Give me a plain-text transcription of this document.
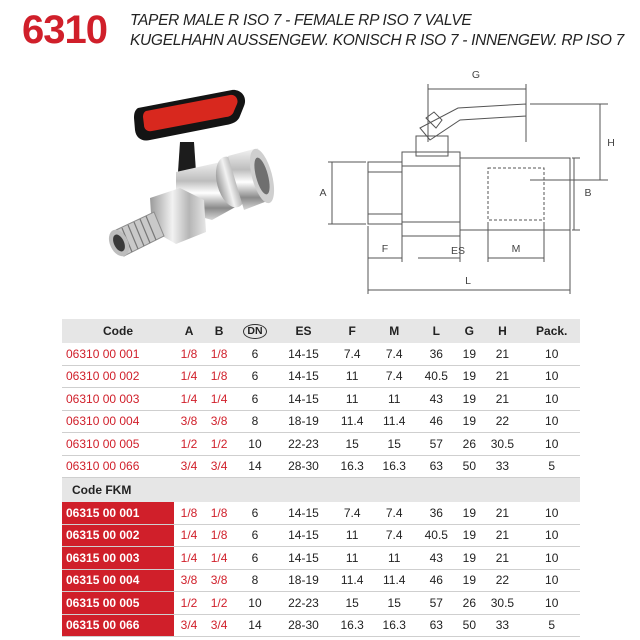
6310 TAPER MALE R ISO 7 - FEMALE RP ISO 7 VALVE
KUGELHAHN AUSSENGEW. KONISCH R ISO 7 - INNENGEW. RP ISO 7
G
H
A	B
F	ES	M
L
Code	A	B	DN	ES	F	M	L	G	H	Pack.
06310 00 001	1/8	1/8	6	14-15	7.4	7.4	36	19	21	10
06310 00 002	1/4	1/8	6	14-15	11	7.4	40.5	19	21	10
06310 00 003	1/4	1/4	6	14-15	11	11	43	19	21	10
06310 00 004	3/8	3/8	8	18-19	11.4	11.4	46	19	22	10
06310 00 005	1/2	1/2	10	22-23	15	15	57	26	30.5	10
06310 00 066	3/4	3/4	14	28-30	16.3	16.3	63	50	33	5
Code FKM										
06315 00 001	1/8	1/8	6	14-15	7.4	7.4	36	19	21	10
06315 00 002	1/4	1/8	6	14-15	11	7.4	40.5	19	21	10
06315 00 003	1/4	1/4	6	14-15	11	11	43	19	21	10
06315 00 004	3/8	3/8	8	18-19	11.4	11.4	46	19	22	10
06315 00 005	1/2	1/2	10	22-23	15	15	57	26	30.5	10
06315 00 066	3/4	3/4	14	28-30	16.3	16.3	63	50	33	5
